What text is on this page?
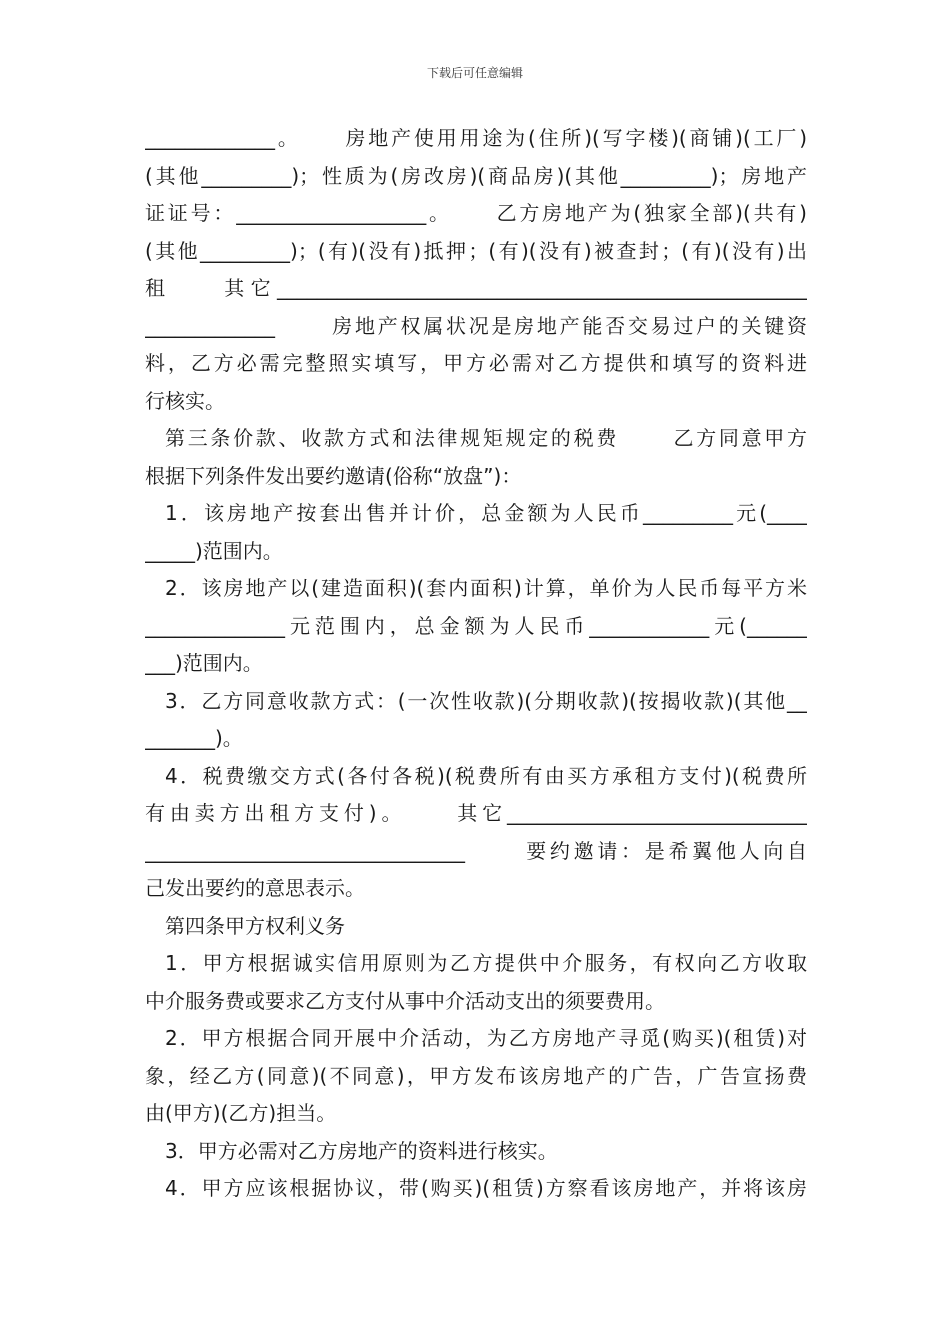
下载后可任意编辑
_____________。　　 房地产使用用途为(住所)(写字楼)(商铺)(工厂)
(其他_________)；性质为(房改房)(商品房)(其他_________)；房地产
证证号：___________________。　　 乙方房地产为(独家全部)(共有)
(其他_________)；(有)(没有)抵押；(有)(没有)被查封；(有)(没有)出
租　　其它_____________________________________________________
_____________　　 房地产权属状况是房地产能否交易过户的关键资
料，乙方必需完整照实填写，甲方必需对乙方提供和填写的资料进
行核实。
第三条价款、收款方式和法律规矩规定的税费　　 乙方同意甲方
根据下列条件发出要约邀请(俗称“放盘”)：
1．该房地产按套出售并计价，总金额为人民币_________元(____
_____)范围内。
2．该房地产以(建造面积)(套内面积)计算，单价为人民币每平方米
______________元范围内，总金额为人民币____________元(______
___)范围内。
3．乙方同意收款方式：(一次性收款)(分期收款)(按揭收款)(其他__
_______)。
4．税费缴交方式(各付各税)(税费所有由买方承租方支付)(税费所
有由卖方出租方支付)。　　 其它______________________________
________________________________　　 要约邀请：是希翼他人向自
己发出要约的意思表示。
第四条甲方权利义务
1．甲方根据诚实信用原则为乙方提供中介服务，有权向乙方收取
中介服务费或要求乙方支付从事中介活动支出的须要费用。
2．甲方根据合同开展中介活动，为乙方房地产寻觅(购买)(租赁)对
象，经乙方(同意)(不同意)，甲方发布该房地产的广告，广告宣扬费
由(甲方)(乙方)担当。
3．甲方必需对乙方房地产的资料进行核实。
4．甲方应该根据协议，带(购买)(租赁)方察看该房地产，并将该房
